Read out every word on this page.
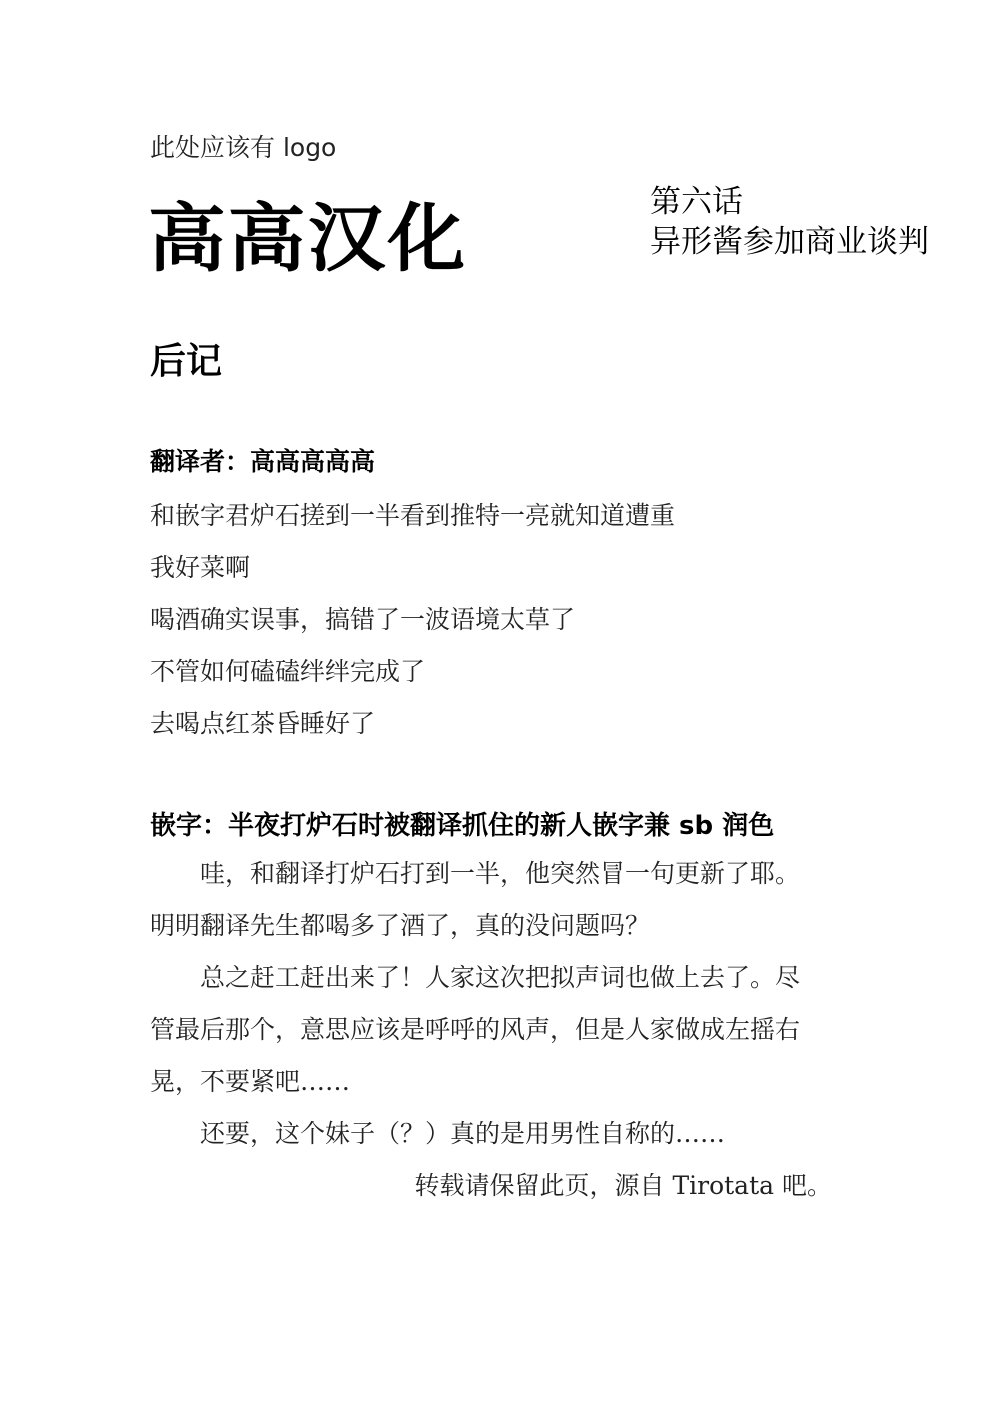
此处应该有 logo
高高汉化	第六话
异形酱参加商业谈判
后记
翻译者：高高高高高
和嵌字君炉石搓到一半看到推特一亮就知道遭重
我好菜啊
喝酒确实误事，搞错了一波语境太草了
不管如何磕磕绊绊完成了
去喝点红茶昏睡好了
嵌字：半夜打炉石时被翻译抓住的新人嵌字兼 sb 润色
哇，和翻译打炉石打到一半，他突然冒一句更新了耶。
明明翻译先生都喝多了酒了，真的没问题吗？
总之赶工赶出来了！人家这次把拟声词也做上去了。尽
管最后那个，意思应该是呼呼的风声，但是人家做成左摇右
晃，不要紧吧……
还要，这个妹子（？）真的是用男性自称的……
转载请保留此页，源自 Tirotata 吧。
